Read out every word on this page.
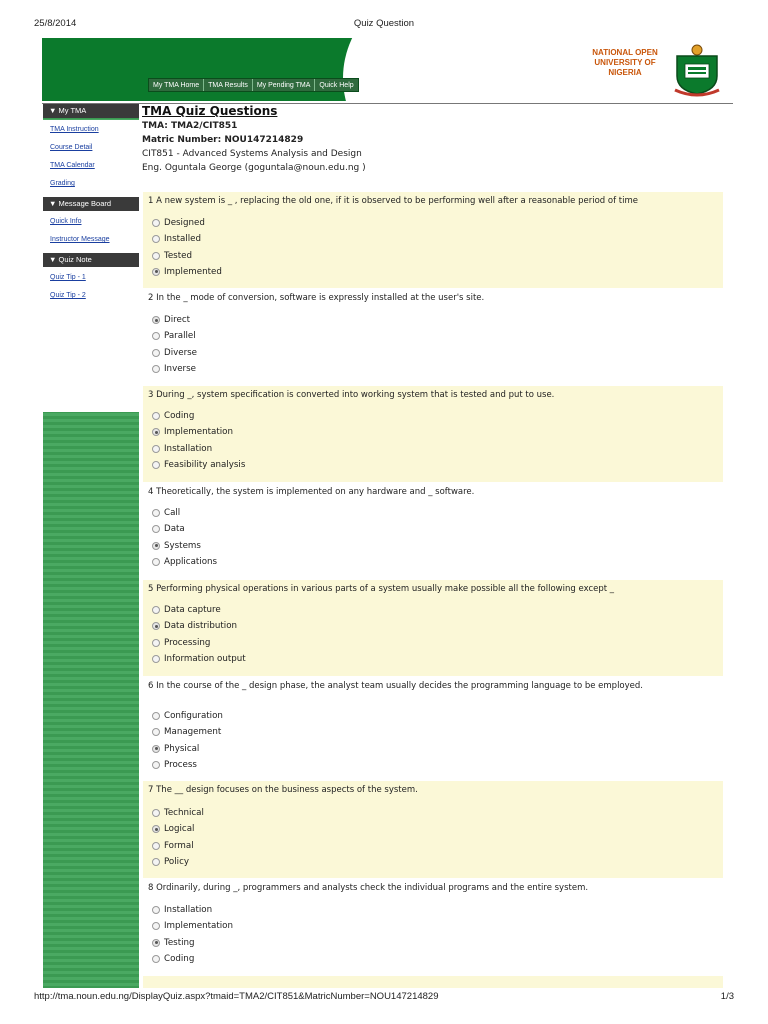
25/8/2014	Quiz Question
NATIONAL OPEN
UNIVERSITY OF
NIGERIA
My TMA Home	TMA Results	My Pending TMA	Quick Help
▼ My TMA
TMA Instruction
Course Detail
TMA Calendar
Grading
▼ Message Board
Quick Info
Instructor Message
▼ Quiz Note
Quiz Tip - 1
Quiz Tip - 2
TMA Quiz Questions
TMA: TMA2/CIT851
Matric Number: NOU147214829
CIT851 - Advanced Systems Analysis and Design
Eng. Oguntala George (goguntala@noun.edu.ng )
1 A new system is _ , replacing the old one, if it is observed to be performing well after a reasonable period of time
Designed
Installed
Tested
Implemented
2 In the _ mode of conversion, software is expressly installed at the user's site.
Direct
Parallel
Diverse
Inverse
3 During _, system specification is converted into working system that is tested and put to use.
Coding
Implementation
Installation
Feasibility analysis
4 Theoretically, the system is implemented on any hardware and _ software.
Call
Data
Systems
Applications
5 Performing physical operations in various parts of a system usually make possible all the following except _
Data capture
Data distribution
Processing
Information output
6 In the course of the _ design phase, the analyst team usually decides the programming language to be employed.
Configuration
Management
Physical
Process
7 The __ design focuses on the business aspects of the system.
Technical
Logical
Formal
Policy
8 Ordinarily, during _, programmers and analysts check the individual programs and the entire system.
Installation
Implementation
Testing
Coding
http://tma.noun.edu.ng/DisplayQuiz.aspx?tmaid=TMA2/CIT851&MatricNumber=NOU147214829	1/3
